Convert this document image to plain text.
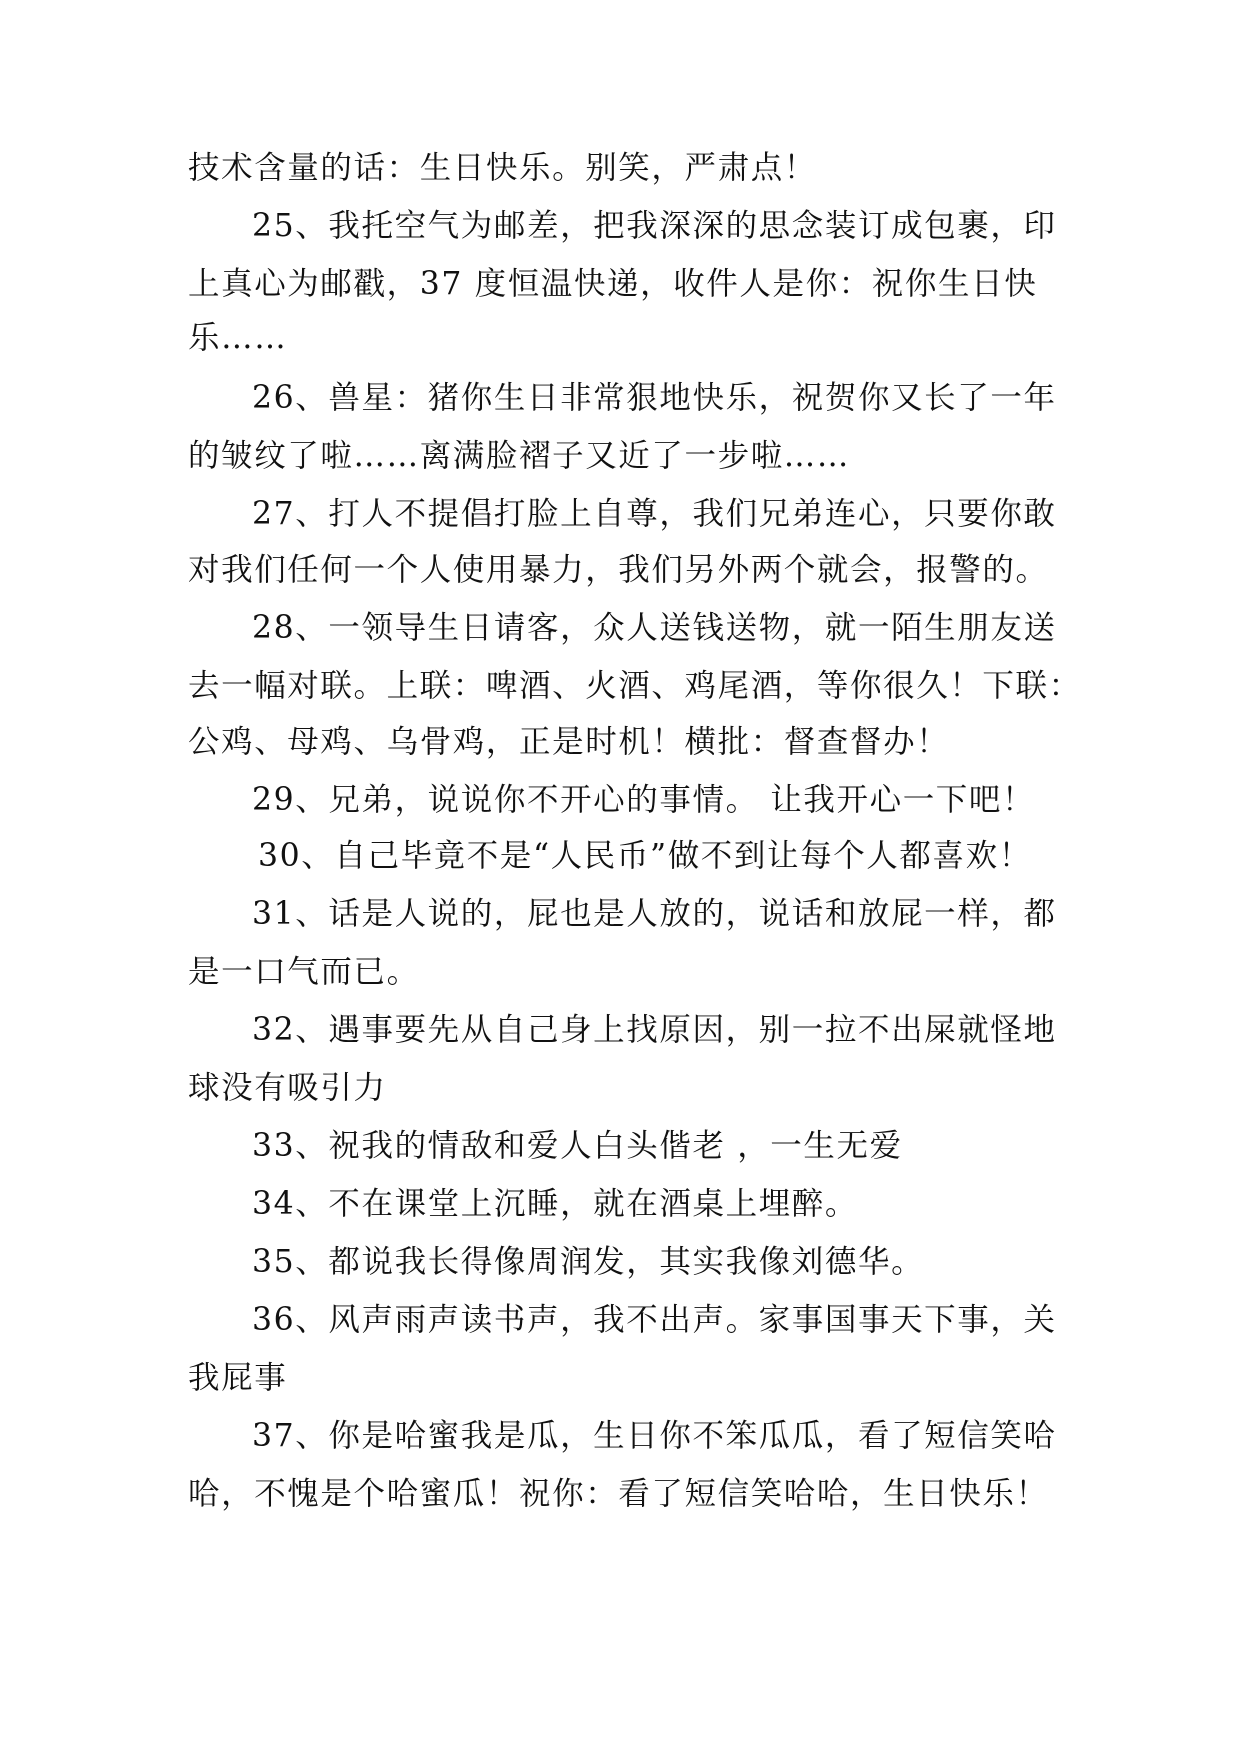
技术含量的话：生日快乐。别笑，严肃点！

25、我托空气为邮差，把我深深的思念装订成包裹，印

上真心为邮戳，37 度恒温快递，收件人是你：祝你生日快

乐……

26、兽星：猪你生日非常狠地快乐，祝贺你又长了一年

的皱纹了啦……离满脸褶子又近了一步啦……

27、打人不提倡打脸上自尊，我们兄弟连心，只要你敢

对我们任何一个人使用暴力，我们另外两个就会，报警的。

28、一领导生日请客，众人送钱送物，就一陌生朋友送

去一幅对联。上联：啤酒、火酒、鸡尾酒，等你很久！下联：

公鸡、母鸡、乌骨鸡，正是时机！横批：督查督办！

29、兄弟，说说你不开心的事情。 让我开心一下吧！

30、自己毕竟不是“人民币”做不到让每个人都喜欢！

31、话是人说的，屁也是人放的，说话和放屁一样，都

是一口气而已。

32、遇事要先从自己身上找原因，别一拉不出屎就怪地

球没有吸引力

33、祝我的情敌和爱人白头偕老 ，一生无爱

34、不在课堂上沉睡，就在酒桌上埋醉。

35、都说我长得像周润发，其实我像刘德华。

36、风声雨声读书声，我不出声。家事国事天下事，关

我屁事

37、你是哈蜜我是瓜，生日你不笨瓜瓜，看了短信笑哈

哈，不愧是个哈蜜瓜！祝你：看了短信笑哈哈，生日快乐！
